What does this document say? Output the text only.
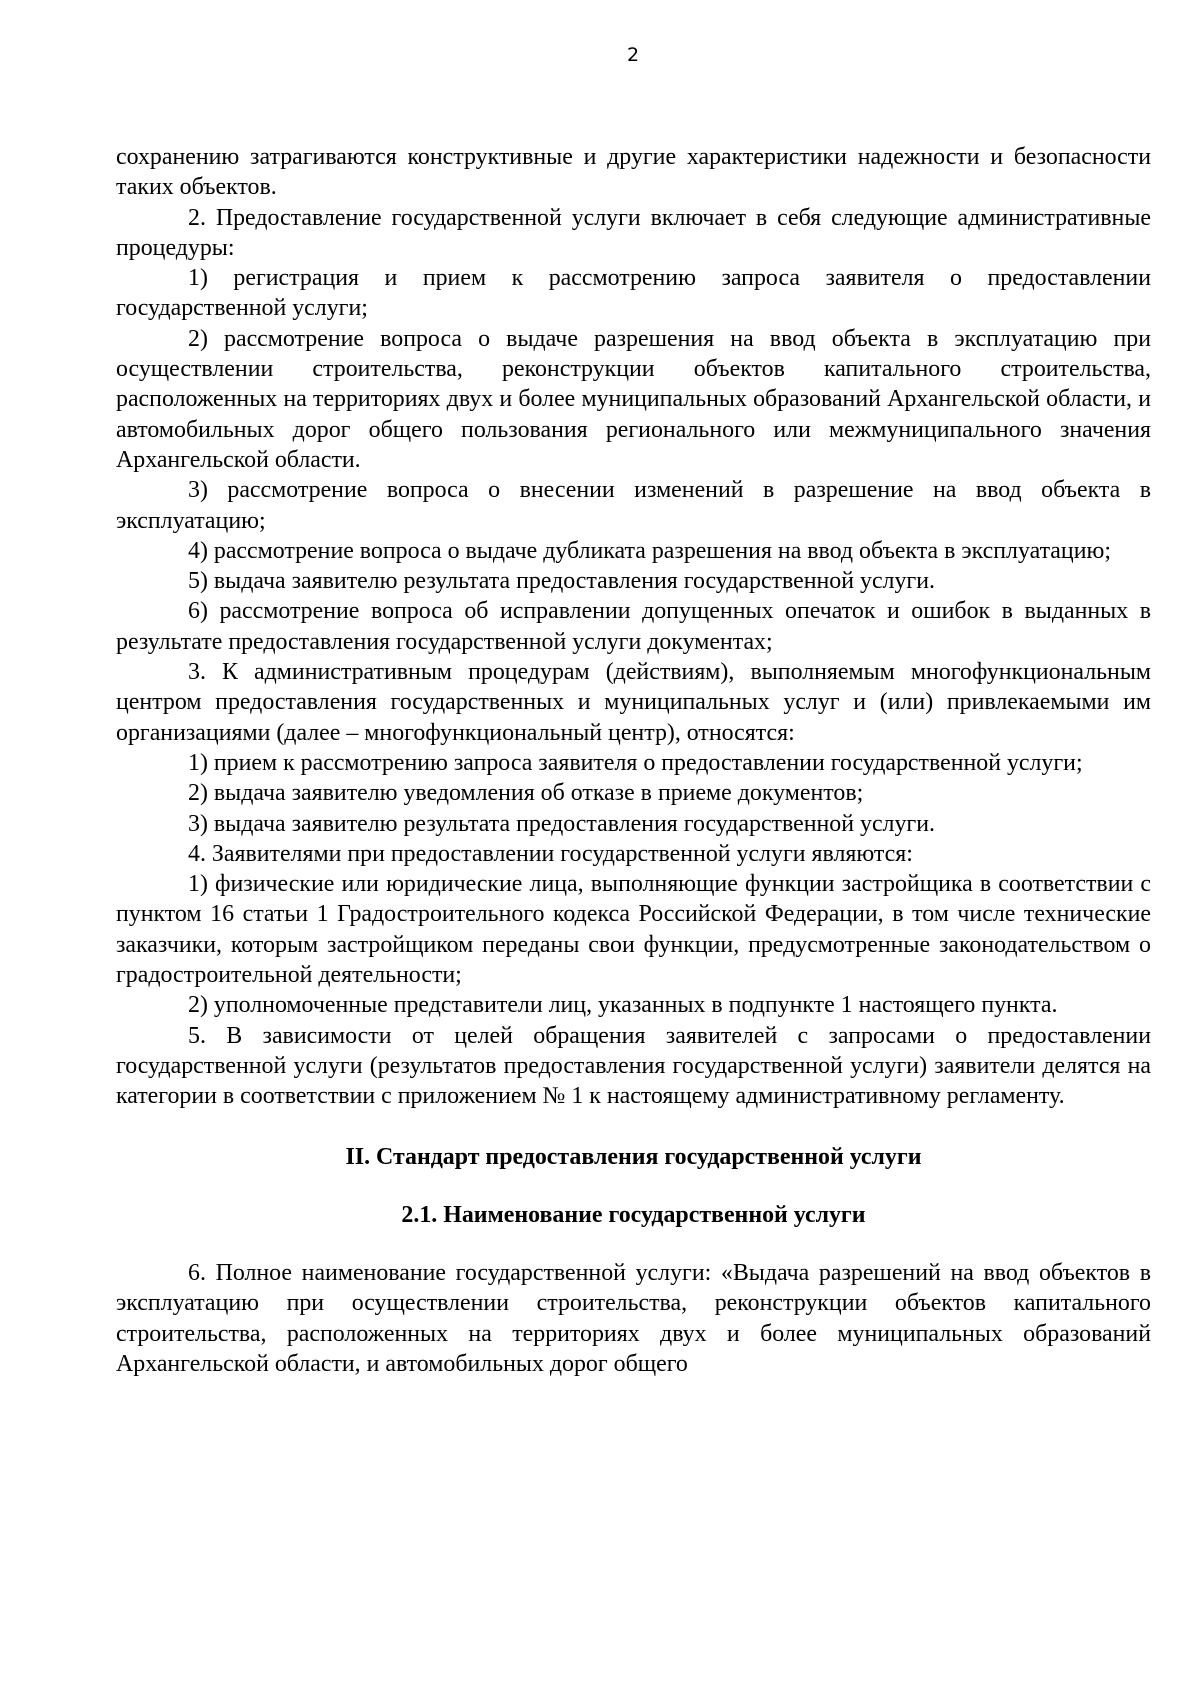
2

сохранению затрагиваются конструктивные и другие характеристики надежности и безопасности таких объектов.

2. Предоставление государственной услуги включает в себя следующие административные процедуры:

1) регистрация и прием к рассмотрению запроса заявителя о предоставлении государственной услуги;

2) рассмотрение вопроса о выдаче разрешения на ввод объекта в эксплуатацию при осуществлении строительства, реконструкции объектов капитального строительства, расположенных на территориях двух и более муниципальных образований Архангельской области, и автомобильных дорог общего пользования регионального или межмуниципального значения Архангельской области.

3) рассмотрение вопроса о внесении изменений в разрешение на ввод объекта в эксплуатацию;

4) рассмотрение вопроса о выдаче дубликата разрешения на ввод объекта в эксплуатацию;

5) выдача заявителю результата предоставления государственной услуги.

6) рассмотрение вопроса об исправлении допущенных опечаток и ошибок в выданных в результате предоставления государственной услуги документах;

3. К административным процедурам (действиям), выполняемым многофункциональным центром предоставления государственных и муниципальных услуг и (или) привлекаемыми им организациями (далее – многофункциональный центр), относятся:

1) прием к рассмотрению запроса заявителя о предоставлении государственной услуги;

2) выдача заявителю уведомления об отказе в приеме документов;

3) выдача заявителю результата предоставления государственной услуги.

4. Заявителями при предоставлении государственной услуги являются:

1) физические или юридические лица, выполняющие функции застройщика в соответствии с пунктом 16 статьи 1 Градостроительного кодекса Российской Федерации, в том числе технические заказчики, которым застройщиком переданы свои функции, предусмотренные законодательством о градостроительной деятельности;

2) уполномоченные представители лиц, указанных в подпункте 1 настоящего пункта.

5. В зависимости от целей обращения заявителей с запросами о предоставлении государственной услуги (результатов предоставления государственной услуги) заявители делятся на категории в соответствии с приложением № 1 к настоящему административному регламенту.

II. Стандарт предоставления государственной услуги
2.1. Наименование государственной услуги

6. Полное наименование государственной услуги: «Выдача разрешений на ввод объектов в эксплуатацию при осуществлении строительства, реконструкции объектов капитального строительства, расположенных на территориях двух и более муниципальных образований Архангельской области, и автомобильных дорог общего
